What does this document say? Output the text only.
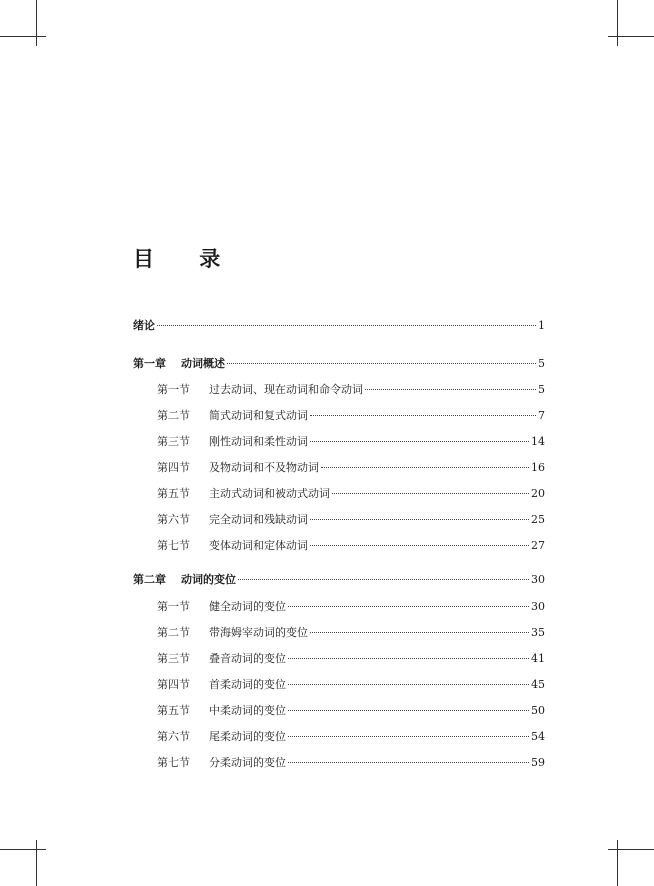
目 录
绪论	1
第一章	动词概述	5
第一节	过去动词、现在动词和命令动词	5
第二节	简式动词和复式动词	7
第三节	刚性动词和柔性动词	14
第四节	及物动词和不及物动词	16
第五节	主动式动词和被动式动词	20
第六节	完全动词和残缺动词	25
第七节	变体动词和定体动词	27
第二章	动词的变位	30
第一节	健全动词的变位	30
第二节	带海姆宰动词的变位	35
第三节	叠音动词的变位	41
第四节	首柔动词的变位	45
第五节	中柔动词的变位	50
第六节	尾柔动词的变位	54
第七节	分柔动词的变位	59
